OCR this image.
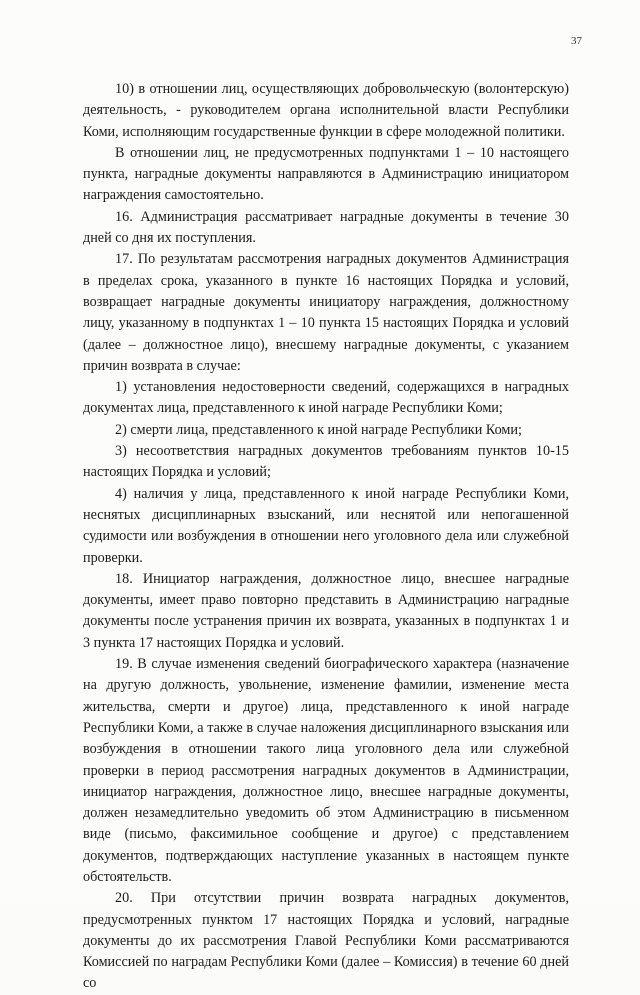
37

10) в отношении лиц, осуществляющих добровольческую (волонтерскую) деятельность, - руководителем органа исполнительной власти Республики Коми, исполняющим государственные функции в сфере молодежной политики.

В отношении лиц, не предусмотренных подпунктами 1 – 10 настоящего пункта, наградные документы направляются в Администрацию инициатором награждения самостоятельно.

16. Администрация рассматривает наградные документы в течение 30 дней со дня их поступления.

17. По результатам рассмотрения наградных документов Администрация в пределах срока, указанного в пункте 16 настоящих Порядка и условий, возвращает наградные документы инициатору награждения, должностному лицу, указанному в подпунктах 1 – 10 пункта 15 настоящих Порядка и условий (далее – должностное лицо), внесшему наградные документы, с указанием причин возврата в случае:

1) установления недостоверности сведений, содержащихся в наградных документах лица, представленного к иной награде Республики Коми;

2) смерти лица, представленного к иной награде Республики Коми;

3) несоответствия наградных документов требованиям пунктов 10-15 настоящих Порядка и условий;

4) наличия у лица, представленного к иной награде Республики Коми, неснятых дисциплинарных взысканий, или неснятой или непогашенной судимости или возбуждения в отношении него уголовного дела или служебной проверки.

18. Инициатор награждения, должностное лицо, внесшее наградные документы, имеет право повторно представить в Администрацию наградные документы после устранения причин их возврата, указанных в подпунктах 1 и 3 пункта 17 настоящих Порядка и условий.

19. В случае изменения сведений биографического характера (назначение на другую должность, увольнение, изменение фамилии, изменение места жительства, смерти и другое) лица, представленного к иной награде Республики Коми, а также в случае наложения дисциплинарного взыскания или возбуждения в отношении такого лица уголовного дела или служебной проверки в период рассмотрения наградных документов в Администрации, инициатор награждения, должностное лицо, внесшее наградные документы, должен незамедлительно уведомить об этом Администрацию в письменном виде (письмо, факсимильное сообщение и другое) с представлением документов, подтверждающих наступление указанных в настоящем пункте обстоятельств.

20. При отсутствии причин возврата наградных документов, предусмотренных пунктом 17 настоящих Порядка и условий, наградные документы до их рассмотрения Главой Республики Коми рассматриваются Комиссией по наградам Республики Коми (далее – Комиссия) в течение 60 дней со
